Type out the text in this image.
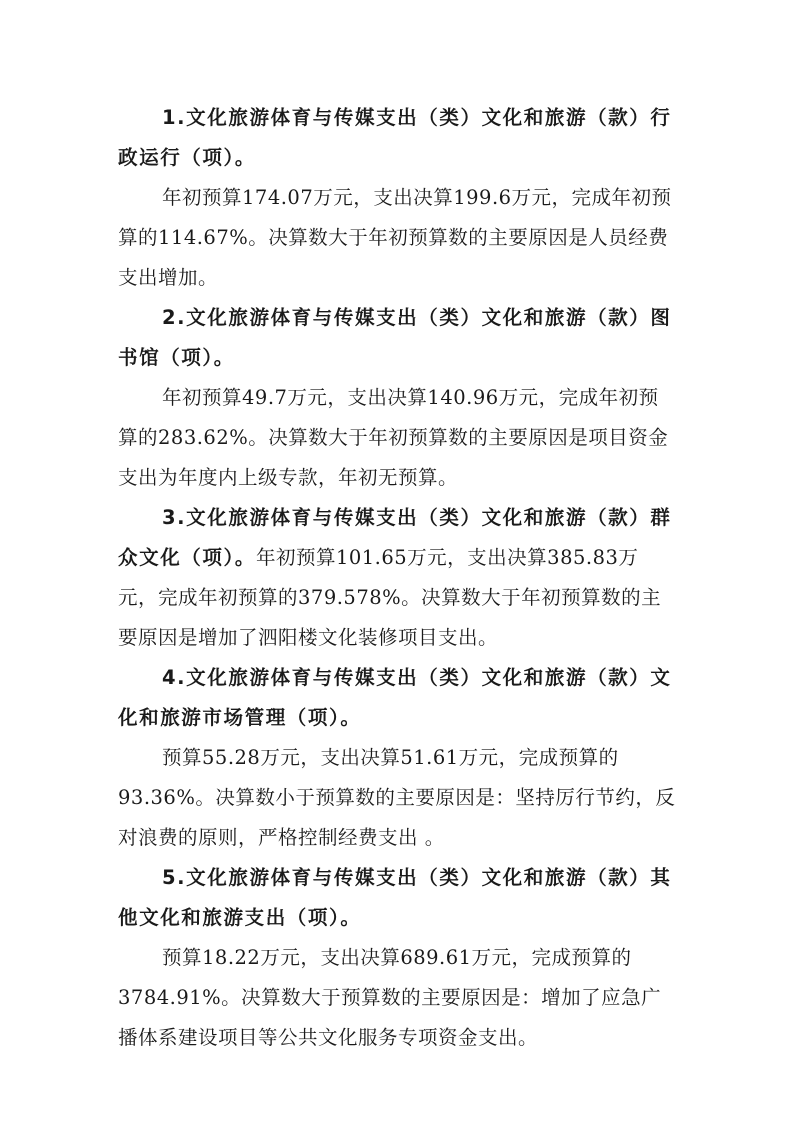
1.文化旅游体育与传媒支出（类）文化和旅游（款）行政运行（项）。

年初预算174.07万元，支出决算199.6万元，完成年初预算的114.67%。决算数大于年初预算数的主要原因是人员经费支出增加。

2.文化旅游体育与传媒支出（类）文化和旅游（款）图书馆（项）。

年初预算49.7万元，支出决算140.96万元，完成年初预算的283.62%。决算数大于年初预算数的主要原因是项目资金支出为年度内上级专款，年初无预算。

3.文化旅游体育与传媒支出（类）文化和旅游（款）群众文化（项）。年初预算101.65万元，支出决算385.83万元，完成年初预算的379.578%。决算数大于年初预算数的主要原因是增加了泗阳楼文化装修项目支出。

4.文化旅游体育与传媒支出（类）文化和旅游（款）文化和旅游市场管理（项）。

预算55.28万元，支出决算51.61万元，完成预算的93.36%。决算数小于预算数的主要原因是：坚持厉行节约，反对浪费的原则，严格控制经费支出 。

5.文化旅游体育与传媒支出（类）文化和旅游（款）其他文化和旅游支出（项）。

预算18.22万元，支出决算689.61万元，完成预算的3784.91%。决算数大于预算数的主要原因是：增加了应急广播体系建设项目等公共文化服务专项资金支出。
